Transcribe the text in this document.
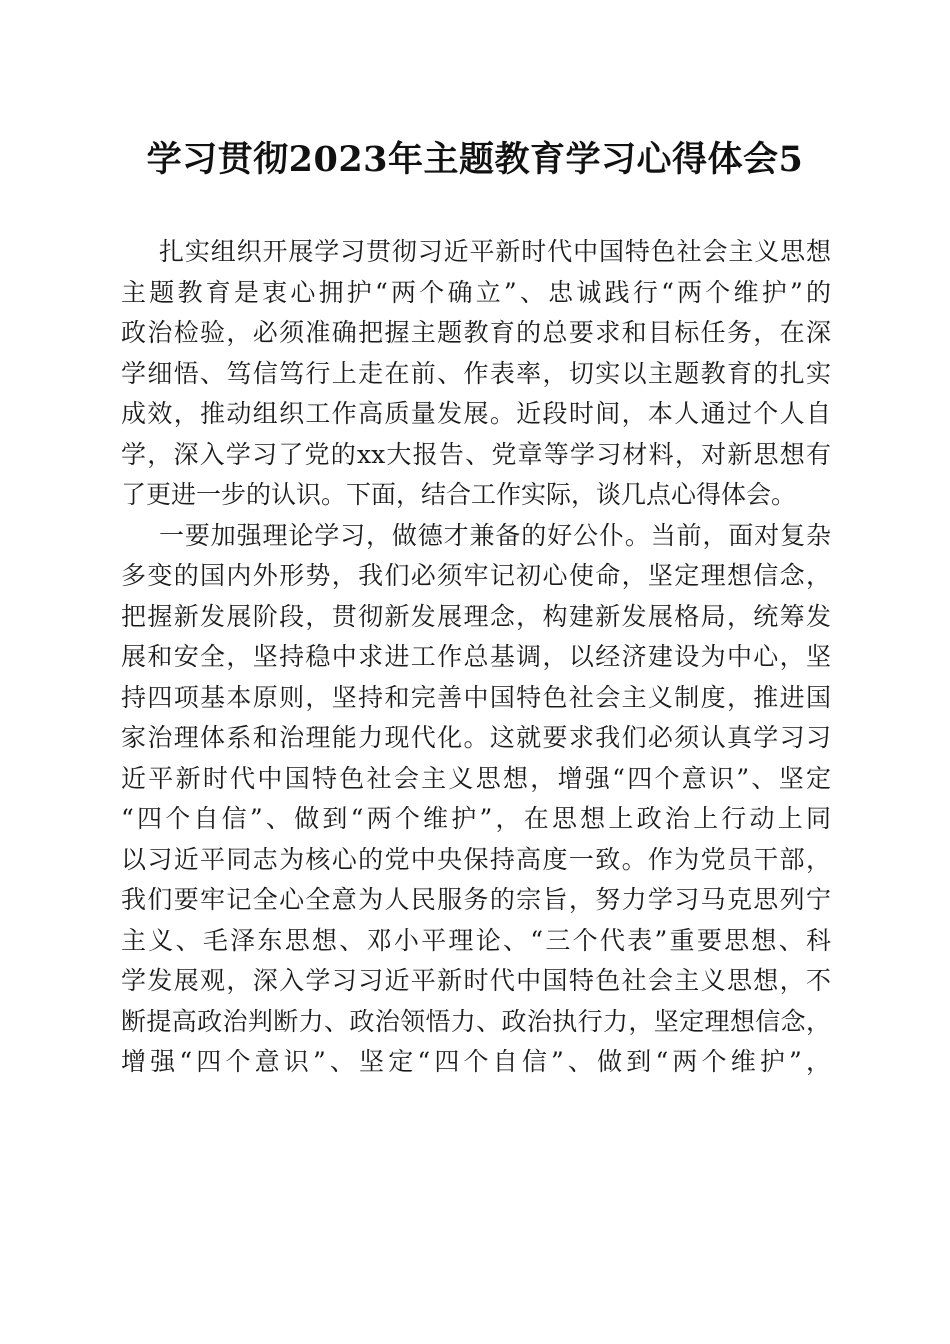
学习贯彻2023年主题教育学习心得体会5
扎实组织开展学习贯彻习近平新时代中国特色社会主义思想
主题教育是衷心拥护“两个确立”、忠诚践行“两个维护”的
政治检验，必须准确把握主题教育的总要求和目标任务，在深
学细悟、笃信笃行上走在前、作表率，切实以主题教育的扎实
成效，推动组织工作高质量发展。近段时间，本人通过个人自
学，深入学习了党的xx大报告、党章等学习材料，对新思想有
了更进一步的认识。下面，结合工作实际，谈几点心得体会。
一要加强理论学习，做德才兼备的好公仆。当前，面对复杂
多变的国内外形势，我们必须牢记初心使命，坚定理想信念，
把握新发展阶段，贯彻新发展理念，构建新发展格局，统筹发
展和安全，坚持稳中求进工作总基调，以经济建设为中心，坚
持四项基本原则，坚持和完善中国特色社会主义制度，推进国
家治理体系和治理能力现代化。这就要求我们必须认真学习习
近平新时代中国特色社会主义思想，增强“四个意识”、坚定
“四个自信”、做到“两个维护”，在思想上政治上行动上同
以习近平同志为核心的党中央保持高度一致。作为党员干部，
我们要牢记全心全意为人民服务的宗旨，努力学习马克思列宁
主义、毛泽东思想、邓小平理论、“三个代表”重要思想、科
学发展观，深入学习习近平新时代中国特色社会主义思想，不
断提高政治判断力、政治领悟力、政治执行力，坚定理想信念，
增强“四个意识”、坚定“四个自信”、做到“两个维护”，
